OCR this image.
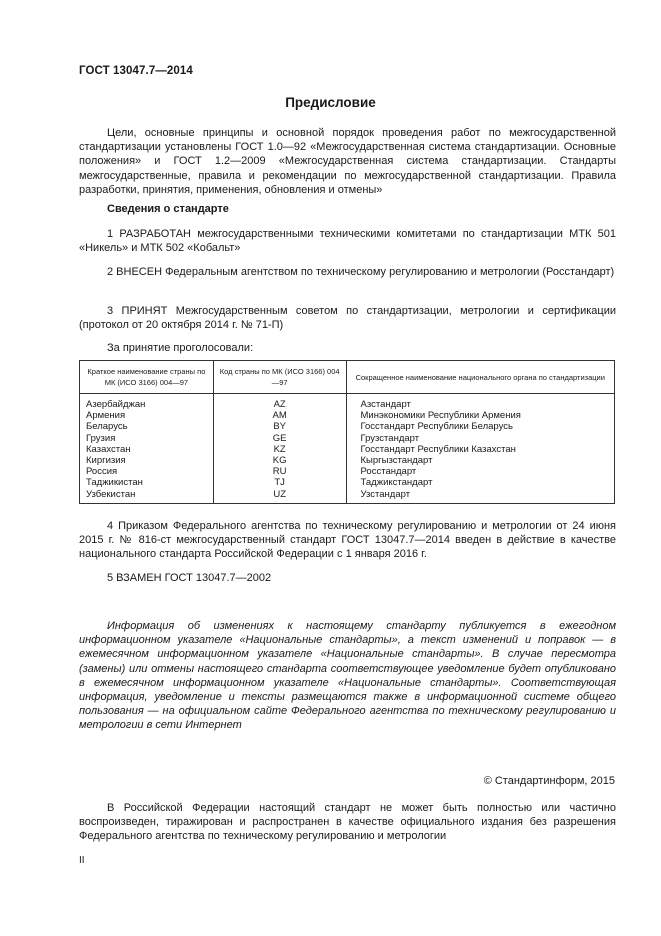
ГОСТ 13047.7—2014
Предисловие
Цели, основные принципы и основной порядок проведения работ по межгосударственной стандартизации установлены ГОСТ 1.0—92 «Межгосударственная система стандартизации. Основные положения» и ГОСТ 1.2—2009 «Межгосударственная система стандартизации. Стандарты межгосударственные, правила и рекомендации по межгосударственной стандартизации. Правила разработки, принятия, применения, обновления и отмены»
Сведения о стандарте
1 РАЗРАБОТАН межгосударственными техническими комитетами по стандартизации МТК 501 «Никель» и МТК 502 «Кобальт»
2 ВНЕСЕН Федеральным агентством по техническому регулированию и метрологии (Росстандарт)
3 ПРИНЯТ Межгосударственным советом по стандартизации, метрологии и сертификации (протокол от 20 октября 2014 г. № 71-П)
За принятие проголосовали:
Краткое наименование страны по МК (ИСО 3166) 004—97	Код страны по МК (ИСО 3166) 004—97	Сокращенное наименование национального органа по стандартизации
Азербайджан	AZ	Азстандарт
Армения	AM	Минэкономики Республики Армения
Беларусь	BY	Госстандарт Республики Беларусь
Грузия	GE	Грузстандарт
Казахстан	KZ	Госстандарт Республики Казахстан
Киргизия	KG	Кыргызстандарт
Россия	RU	Росстандарт
Таджикистан	TJ	Таджикстандарт
Узбекистан	UZ	Узстандарт
4 Приказом Федерального агентства по техническому регулированию и метрологии от 24 июня 2015 г. № 816-ст межгосударственный стандарт ГОСТ 13047.7—2014 введен в действие в качестве национального стандарта Российской Федерации с 1 января 2016 г.
5 ВЗАМЕН ГОСТ 13047.7—2002
Информация об изменениях к настоящему стандарту публикуется в ежегодном информационном указателе «Национальные стандарты», а текст изменений и поправок — в ежемесячном информационном указателе «Национальные стандарты». В случае пересмотра (замены) или отмены настоящего стандарта соответствующее уведомление будет опубликовано в ежемесячном информационном указателе «Национальные стандарты». Соответствующая информация, уведомление и тексты размещаются также в информационной системе общего пользования — на официальном сайте Федерального агентства по техническому регулированию и метрологии в сети Интернет
© Стандартинформ, 2015
В Российской Федерации настоящий стандарт не может быть полностью или частично воспроизведен, тиражирован и распространен в качестве официального издания без разрешения Федерального агентства по техническому регулированию и метрологии
II
